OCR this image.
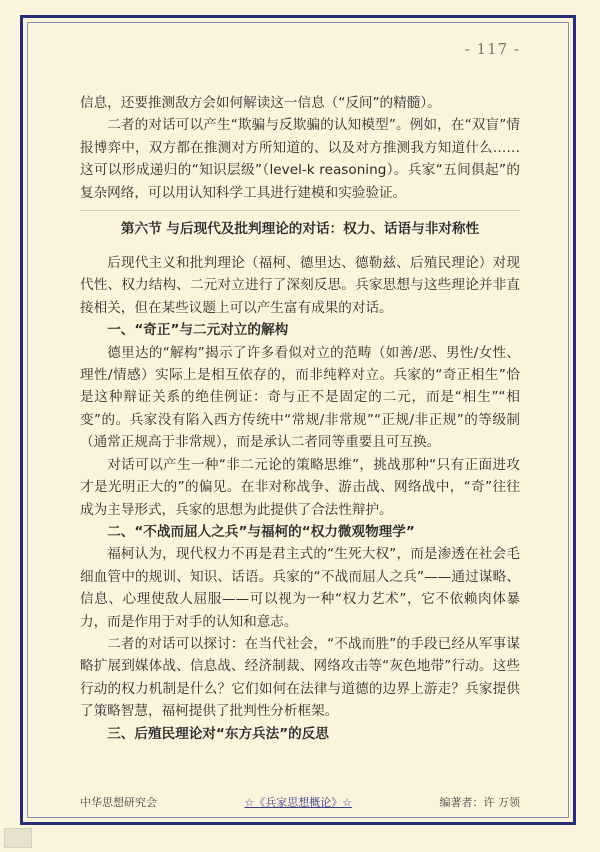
- 117 -

信息，还要推测敌方会如何解读这一信息（“反间”的精髓）。

二者的对话可以产生“欺骗与反欺骗的认知模型”。例如，在“双盲”情报博弈中，双方都在推测对方所知道的、以及对方推测我方知道什么……这可以形成递归的“知识层级”（level-k reasoning）。兵家“五间俱起”的复杂网络，可以用认知科学工具进行建模和实验验证。

第六节 与后现代及批判理论的对话：权力、话语与非对称性

后现代主义和批判理论（福柯、德里达、德勒兹、后殖民理论）对现代性、权力结构、二元对立进行了深刻反思。兵家思想与这些理论并非直接相关，但在某些议题上可以产生富有成果的对话。

一、“奇正”与二元对立的解构

德里达的“解构”揭示了许多看似对立的范畴（如善/恶、男性/女性、理性/情感）实际上是相互依存的，而非纯粹对立。兵家的“奇正相生”恰是这种辩证关系的绝佳例证：奇与正不是固定的二元，而是“相生”“相变”的。兵家没有陷入西方传统中“常规/非常规”“正规/非正规”的等级制（通常正规高于非常规），而是承认二者同等重要且可互换。

对话可以产生一种“非二元论的策略思维”，挑战那种“只有正面进攻才是光明正大的”的偏见。在非对称战争、游击战、网络战中，“奇”往往成为主导形式，兵家的思想为此提供了合法性辩护。

二、“不战而屈人之兵”与福柯的“权力微观物理学”

福柯认为，现代权力不再是君主式的“生死大权”，而是渗透在社会毛细血管中的规训、知识、话语。兵家的“不战而屈人之兵”——通过谋略、信息、心理使敌人屈服——可以视为一种“权力艺术”，它不依赖肉体暴力，而是作用于对手的认知和意志。

二者的对话可以探讨：在当代社会，“不战而胜”的手段已经从军事谋略扩展到媒体战、信息战、经济制裁、网络攻击等“灰色地带”行动。这些行动的权力机制是什么？它们如何在法律与道德的边界上游走？兵家提供了策略智慧，福柯提供了批判性分析框架。

三、后殖民理论对“东方兵法”的反思

中华思想研究会	☆《兵家思想概论》☆	编著者：许 万领
